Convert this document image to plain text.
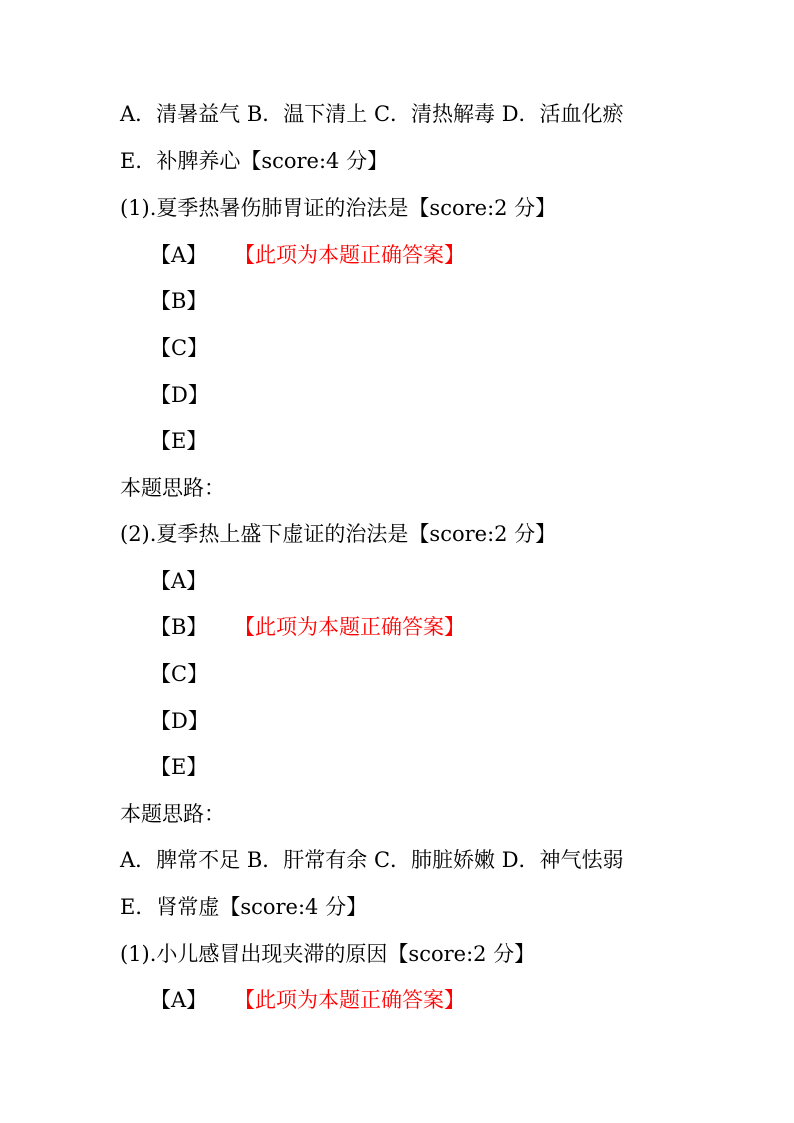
A．清暑益气 B．温下清上 C．清热解毒 D．活血化瘀
E．补脾养心【score:4 分】
(1).夏季热暑伤肺胃证的治法是【score:2 分】
【A】 【此项为本题正确答案】
【B】
【C】
【D】
【E】
本题思路：
(2).夏季热上盛下虚证的治法是【score:2 分】
【A】
【B】 【此项为本题正确答案】
【C】
【D】
【E】
本题思路：
A．脾常不足 B．肝常有余 C．肺脏娇嫩 D．神气怯弱
E．肾常虚【score:4 分】
(1).小儿感冒出现夹滞的原因【score:2 分】
【A】 【此项为本题正确答案】
